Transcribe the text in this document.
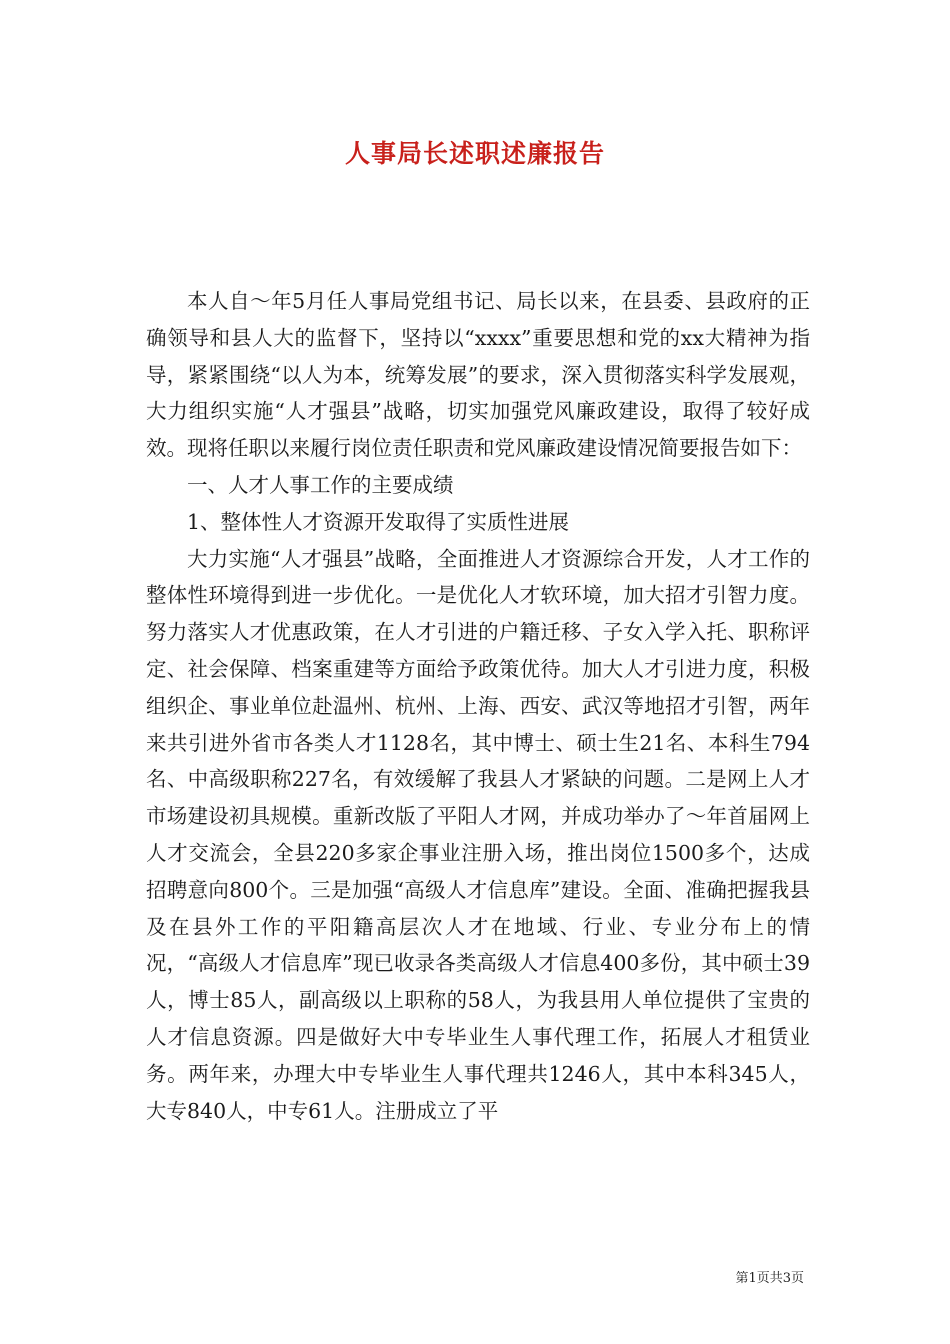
人事局长述职述廉报告

本人自～年5月任人事局党组书记、局长以来，在县委、县政府的正确领导和县人大的监督下，坚持以“xxxx”重要思想和党的xx大精神为指导，紧紧围绕“以人为本，统筹发展”的要求，深入贯彻落实科学发展观，大力组织实施“人才强县”战略，切实加强党风廉政建设，取得了较好成效。现将任职以来履行岗位责任职责和党风廉政建设情况简要报告如下：

一、人才人事工作的主要成绩

1、整体性人才资源开发取得了实质性进展

大力实施“人才强县”战略，全面推进人才资源综合开发，人才工作的整体性环境得到进一步优化。一是优化人才软环境，加大招才引智力度。努力落实人才优惠政策，在人才引进的户籍迁移、子女入学入托、职称评定、社会保障、档案重建等方面给予政策优待。加大人才引进力度，积极组织企、事业单位赴温州、杭州、上海、西安、武汉等地招才引智，两年来共引进外省市各类人才1128名，其中博士、硕士生21名、本科生794名、中高级职称227名，有效缓解了我县人才紧缺的问题。二是网上人才市场建设初具规模。重新改版了平阳人才网，并成功举办了～年首届网上人才交流会，全县220多家企事业注册入场，推出岗位1500多个，达成招聘意向800个。三是加强“高级人才信息库”建设。全面、准确把握我县及在县外工作的平阳籍高层次人才在地域、行业、专业分布上的情况，“高级人才信息库”现已收录各类高级人才信息400多份，其中硕士39人，博士85人，副高级以上职称的58人，为我县用人单位提供了宝贵的人才信息资源。四是做好大中专毕业生人事代理工作，拓展人才租赁业务。两年来，办理大中专毕业生人事代理共1246人，其中本科345人，大专840人，中专61人。注册成立了平

第1页共3页
